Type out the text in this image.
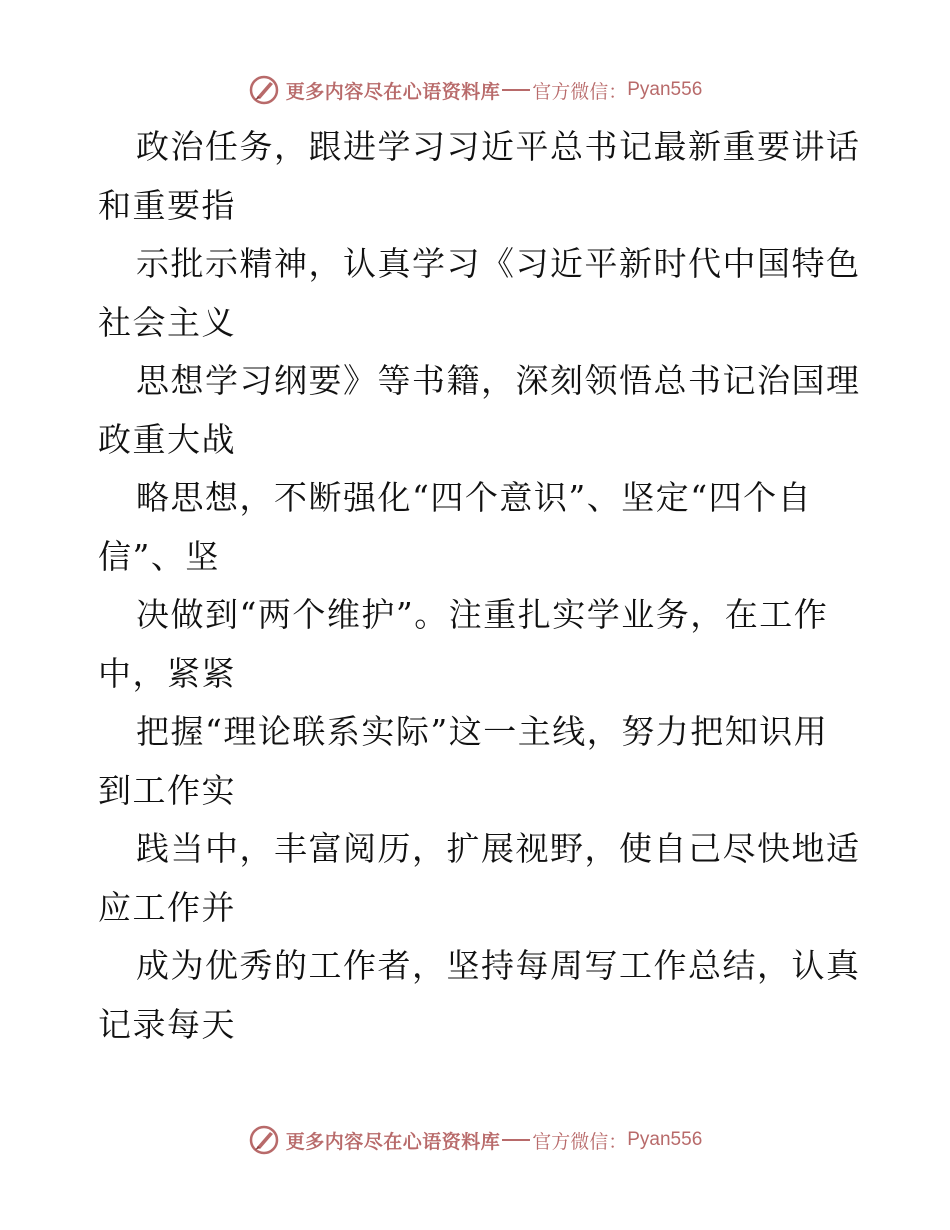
更多内容尽在心语资料库 官方微信： Pyan556
政治任务，跟进学习习近平总书记最新重要讲话
和重要指
示批示精神，认真学习《习近平新时代中国特色
社会主义
思想学习纲要》等书籍，深刻领悟总书记治国理
政重大战
略思想，不断强化“四个意识”、坚定“四个自
信”、坚
决做到“两个维护”。注重扎实学业务，在工作
中，紧紧
把握“理论联系实际”这一主线，努力把知识用
到工作实
践当中，丰富阅历，扩展视野，使自己尽快地适
应工作并
成为优秀的工作者，坚持每周写工作总结，认真
记录每天
更多内容尽在心语资料库 官方微信： Pyan556
